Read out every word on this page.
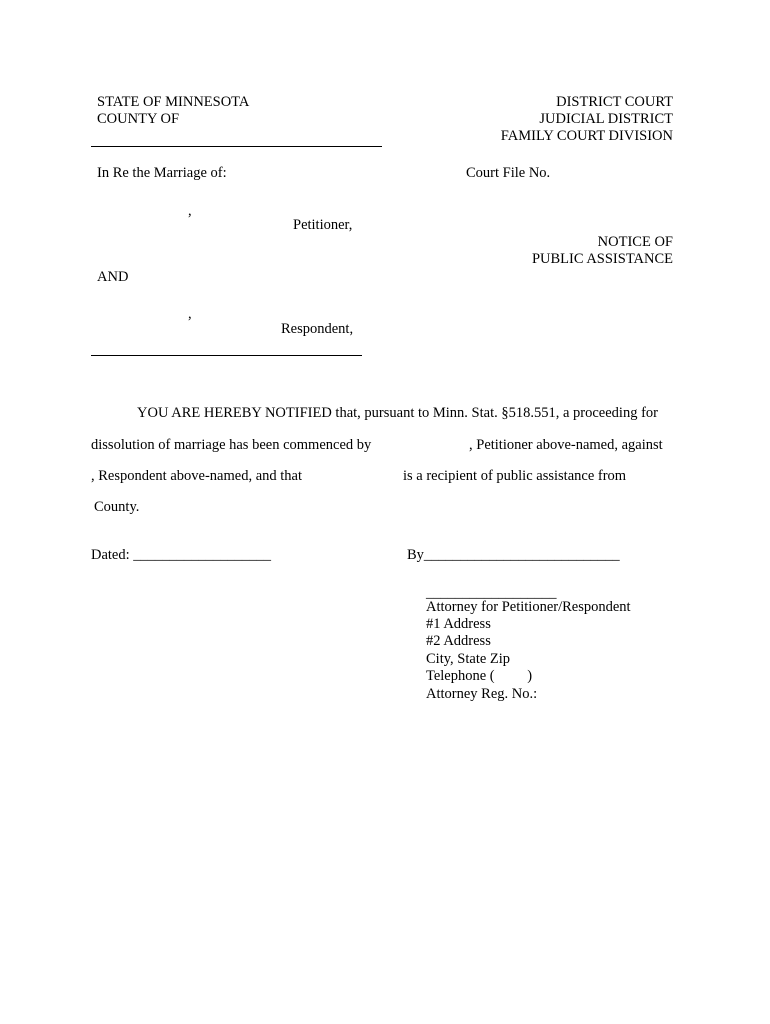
STATE OF MINNESOTA
COUNTY OF
DISTRICT COURT
JUDICIAL DISTRICT
FAMILY COURT DIVISION
In Re the Marriage of:	Court File No.
,
Petitioner,
NOTICE OF
PUBLIC ASSISTANCE
AND
,
Respondent,
YOU ARE HEREBY NOTIFIED that, pursuant to Minn. Stat. §518.551, a proceeding for
dissolution of marriage has been commenced by	, Petitioner above-named, against
, Respondent above-named, and that	is a recipient of public assistance from
County.
Dated: ___________________	By___________________________
__________________
Attorney for Petitioner/Respondent
#1 Address
#2 Address
City, State Zip
Telephone (         )
Attorney Reg. No.:
